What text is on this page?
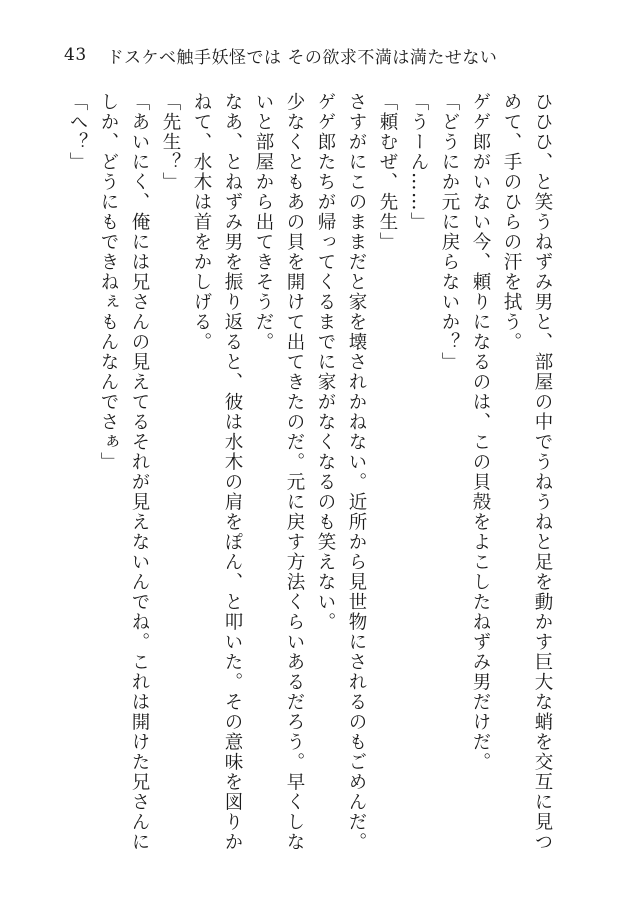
43 ドスケベ触手妖怪では その欲求不満は満たせない

ひひひ、と笑うねずみ男と、部屋の中でうねうねと足を動かす巨大な蛸を交互に見つめて、手のひらの汗を拭う。

ゲゲ郎がいない今、頼りになるのは、この貝殻をよこしたねずみ男だけだ。

「どうにか元に戻らないか？」

「うーん……」

「頼むぜ、先生」

さすがにこのままだと家を壊されかねない。近所から見世物にされるのもごめんだ。ゲゲ郎たちが帰ってくるまでに家がなくなるのも笑えない。

少なくともあの貝を開けて出てきたのだ。元に戻す方法くらいあるだろう。早くしないと部屋から出てきそうだ。

なあ、とねずみ男を振り返ると、彼は水木の肩をぽん、と叩いた。その意味を図りかねて、水木は首をかしげる。

「先生？」

「あいにく、俺には兄さんの見えてるそれが見えないんでね。これは開けた兄さんにしか、どうにもできねぇもんなんでさぁ」

「へ？」
